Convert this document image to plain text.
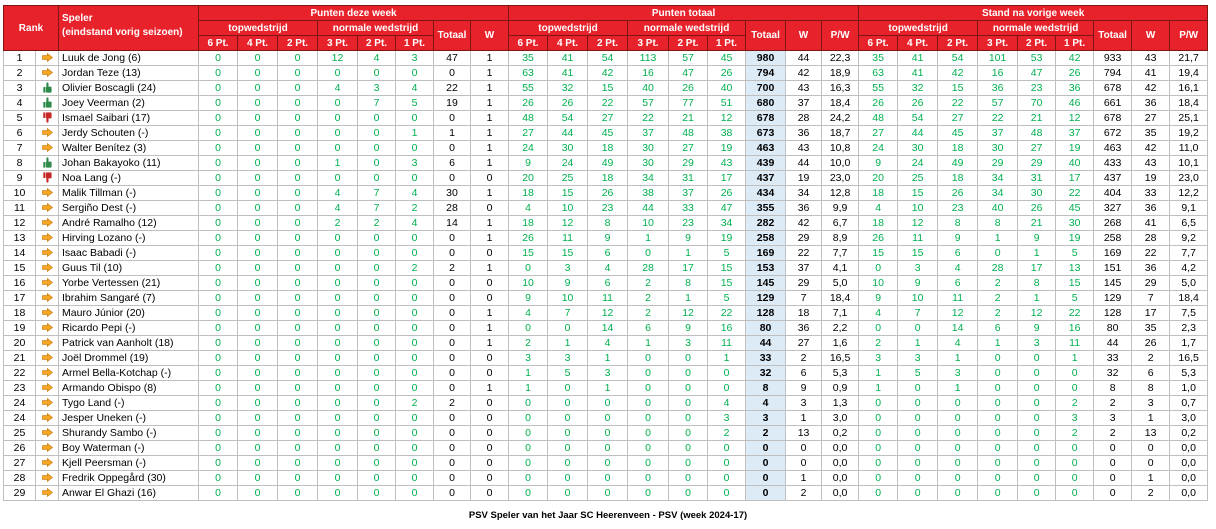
Rank		Speler
(eindstand vorig seizoen)	Punten deze week								Punten totaal									Stand na vorige week								
			topwedstrijd			normale wedstrijd			Totaal	W	topwedstrijd			normale wedstrijd			Totaal	W	P/W	topwedstrijd			normale wedstrijd			Totaal	W	P/W
			6 Pt.	4 Pt.	2 Pt.	3 Pt.	2 Pt.	1 Pt.			6 Pt.	4 Pt.	2 Pt.	3 Pt.	2 Pt.	1 Pt.				6 Pt.	4 Pt.	2 Pt.	3 Pt.	2 Pt.	1 Pt.			
1		Luuk de Jong (6)	0	0	0	12	4	3	47	1	35	41	54	113	57	45	980	44	22,3	35	41	54	101	53	42	933	43	21,7
2		Jordan Teze (13)	0	0	0	0	0	0	0	1	63	41	42	16	47	26	794	42	18,9	63	41	42	16	47	26	794	41	19,4
3		Olivier Boscagli (24)	0	0	0	4	3	4	22	1	55	32	15	40	26	40	700	43	16,3	55	32	15	36	23	36	678	42	16,1
4		Joey Veerman (2)	0	0	0	0	7	5	19	1	26	26	22	57	77	51	680	37	18,4	26	26	22	57	70	46	661	36	18,4
5		Ismael Saibari (17)	0	0	0	0	0	0	0	1	48	54	27	22	21	12	678	28	24,2	48	54	27	22	21	12	678	27	25,1
6		Jerdy Schouten (-)	0	0	0	0	0	1	1	1	27	44	45	37	48	38	673	36	18,7	27	44	45	37	48	37	672	35	19,2
7		Walter Benítez (3)	0	0	0	0	0	0	0	1	24	30	18	30	27	19	463	43	10,8	24	30	18	30	27	19	463	42	11,0
8		Johan Bakayoko (11)	0	0	0	1	0	3	6	1	9	24	49	30	29	43	439	44	10,0	9	24	49	29	29	40	433	43	10,1
9		Noa Lang (-)	0	0	0	0	0	0	0	0	20	25	18	34	31	17	437	19	23,0	20	25	18	34	31	17	437	19	23,0
10		Malik Tillman (-)	0	0	0	4	7	4	30	1	18	15	26	38	37	26	434	34	12,8	18	15	26	34	30	22	404	33	12,2
11		Sergiño Dest (-)	0	0	0	4	7	2	28	0	4	10	23	44	33	47	355	36	9,9	4	10	23	40	26	45	327	36	9,1
12		André Ramalho (12)	0	0	0	2	2	4	14	1	18	12	8	10	23	34	282	42	6,7	18	12	8	8	21	30	268	41	6,5
13		Hirving Lozano (-)	0	0	0	0	0	0	0	1	26	11	9	1	9	19	258	29	8,9	26	11	9	1	9	19	258	28	9,2
14		Isaac Babadi (-)	0	0	0	0	0	0	0	0	15	15	6	0	1	5	169	22	7,7	15	15	6	0	1	5	169	22	7,7
15		Guus Til (10)	0	0	0	0	0	2	2	1	0	3	4	28	17	15	153	37	4,1	0	3	4	28	17	13	151	36	4,2
16		Yorbe Vertessen (21)	0	0	0	0	0	0	0	0	10	9	6	2	8	15	145	29	5,0	10	9	6	2	8	15	145	29	5,0
17		Ibrahim Sangaré (7)	0	0	0	0	0	0	0	0	9	10	11	2	1	5	129	7	18,4	9	10	11	2	1	5	129	7	18,4
18		Mauro Júnior (20)	0	0	0	0	0	0	0	1	4	7	12	2	12	22	128	18	7,1	4	7	12	2	12	22	128	17	7,5
19		Ricardo Pepi (-)	0	0	0	0	0	0	0	1	0	0	14	6	9	16	80	36	2,2	0	0	14	6	9	16	80	35	2,3
20		Patrick van Aanholt (18)	0	0	0	0	0	0	0	1	2	1	4	1	3	11	44	27	1,6	2	1	4	1	3	11	44	26	1,7
21		Joël Drommel (19)	0	0	0	0	0	0	0	0	3	3	1	0	0	1	33	2	16,5	3	3	1	0	0	1	33	2	16,5
22		Armel Bella-Kotchap (-)	0	0	0	0	0	0	0	0	1	5	3	0	0	0	32	6	5,3	1	5	3	0	0	0	32	6	5,3
23		Armando Obispo (8)	0	0	0	0	0	0	0	1	1	0	1	0	0	0	8	9	0,9	1	0	1	0	0	0	8	8	1,0
24		Tygo Land (-)	0	0	0	0	0	2	2	0	0	0	0	0	0	4	4	3	1,3	0	0	0	0	0	2	2	3	0,7
24		Jesper Uneken (-)	0	0	0	0	0	0	0	0	0	0	0	0	0	3	3	1	3,0	0	0	0	0	0	3	3	1	3,0
25		Shurandy Sambo (-)	0	0	0	0	0	0	0	0	0	0	0	0	0	2	2	13	0,2	0	0	0	0	0	2	2	13	0,2
26		Boy Waterman (-)	0	0	0	0	0	0	0	0	0	0	0	0	0	0	0	0	0,0	0	0	0	0	0	0	0	0	0,0
27		Kjell Peersman (-)	0	0	0	0	0	0	0	0	0	0	0	0	0	0	0	0	0,0	0	0	0	0	0	0	0	0	0,0
28		Fredrik Oppegård (30)	0	0	0	0	0	0	0	0	0	0	0	0	0	0	0	1	0,0	0	0	0	0	0	0	0	1	0,0
29		Anwar El Ghazi (16)	0	0	0	0	0	0	0	0	0	0	0	0	0	0	0	2	0,0	0	0	0	0	0	0	0	2	0,0
PSV Speler van het Jaar SC Heerenveen - PSV (week 2024-17)
